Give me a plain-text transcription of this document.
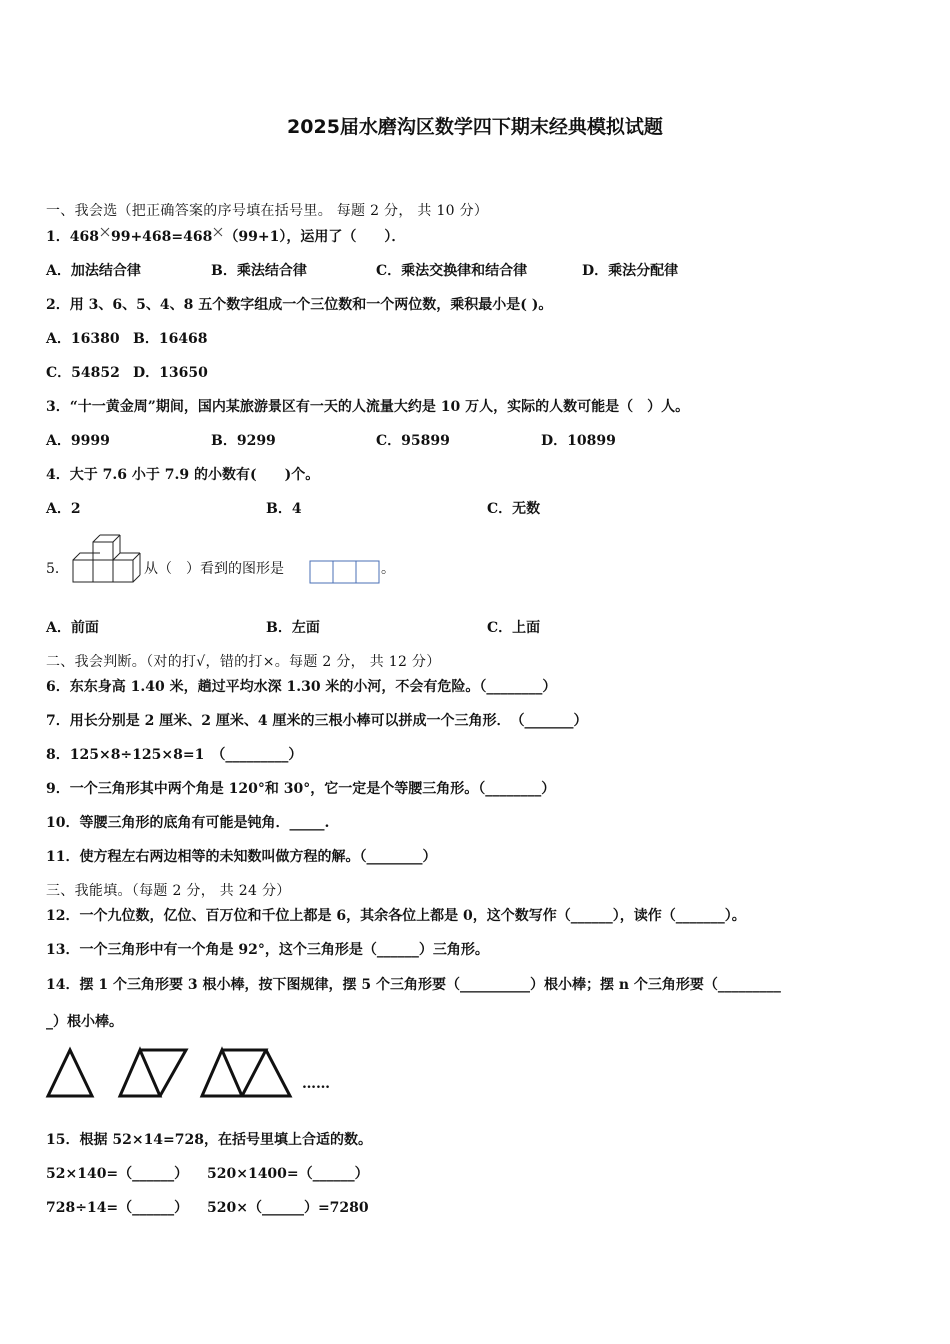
2025届水磨沟区数学四下期末经典模拟试题
一、我会选（把正确答案的序号填在括号里。 每题 2 分， 共 10 分）
1．468 99+468=468 （99+1），运用了（　　）．
A．加法结合律	B．乘法结合律	C．乘法交换律和结合律	D．乘法分配律
2．用 3、6、5、4、8 五个数字组成一个三位数和一个两位数，乘积最小是( )。
A．16380 B．16468
C．54852 D．13650
3．“十一黄金周”期间，国内某旅游景区有一天的人流量大约是 10 万人，实际的人数可能是（　）人。
A．9999	B．9299	C．95899	D．10899
4．大于 7.6 小于 7.9 的小数有(　　)个。
A．2	B．4	C．无数
5．	从（　）看到的图形是	。
A．前面	B．左面	C．上面
二、我会判断。（对的打√，错的打×。每题 2 分， 共 12 分）
6．东东身高 1.40 米，趟过平均水深 1.30 米的小河，不会有危险。（________）
7．用长分别是 2 厘米、2 厘米、4 厘米的三根小棒可以拼成一个三角形．　（_______）
8．125×8÷125×8=1　（_________）
9．一个三角形其中两个角是 120°和 30°，它一定是个等腰三角形。（________）
10．等腰三角形的底角有可能是钝角．_____.
11．使方程左右两边相等的未知数叫做方程的解。（________）
三、我能填。（每题 2 分， 共 24 分）
12．一个九位数，亿位、百万位和千位上都是 6，其余各位上都是 0，这个数写作（______），读作（_______）。
13．一个三角形中有一个角是 92°，这个三角形是（______）三角形。
14．摆 1 个三角形要 3 根小棒，按下图规律，摆 5 个三角形要（__________）根小棒；摆 n 个三角形要（_________
_）根小棒。
……
15．根据 52×14=728，在括号里填上合适的数。
52×140=（______） 520×1400=（______）
728÷14=（______） 520×（______）=7280
